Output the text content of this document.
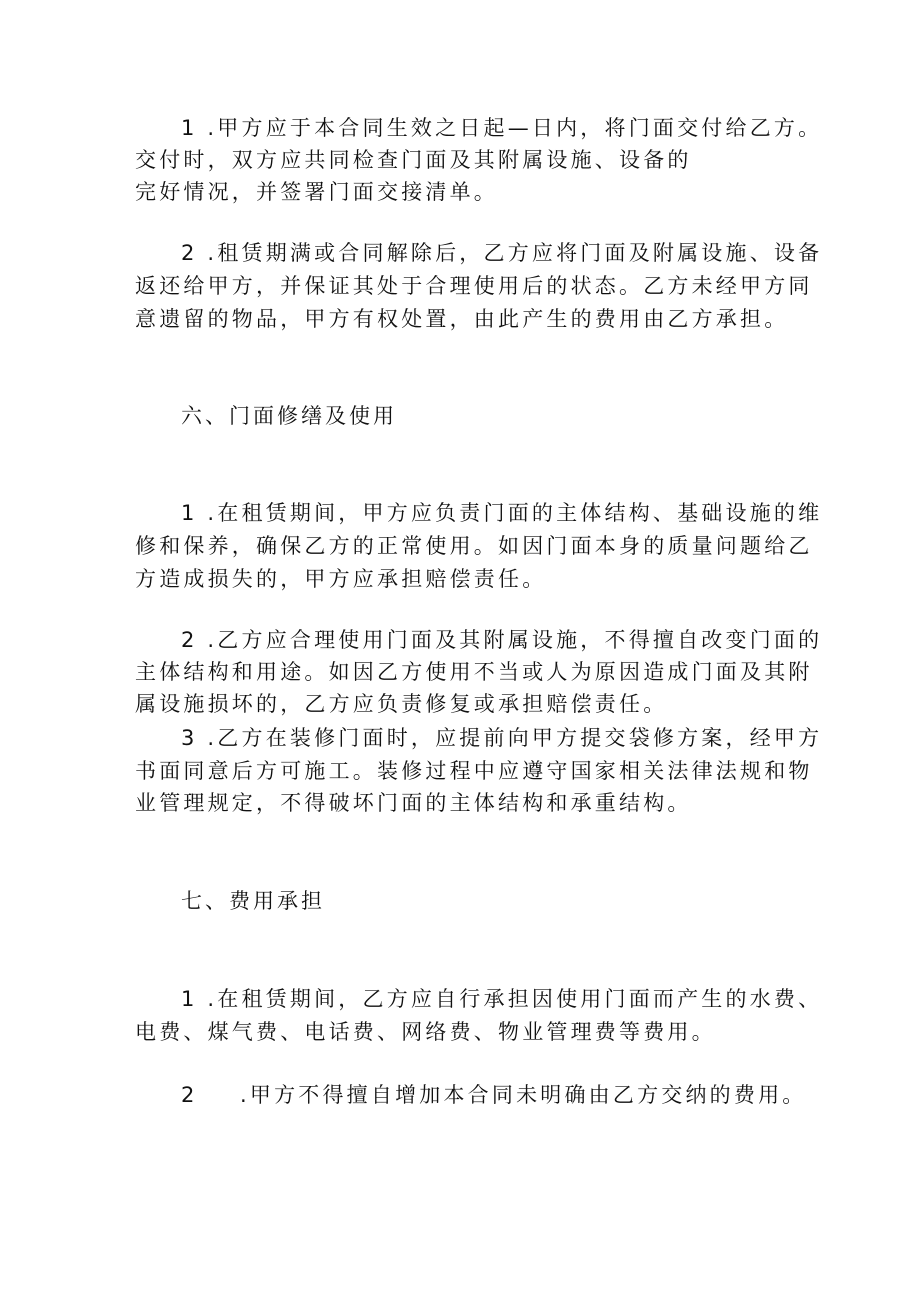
1 .甲方应于本合同生效之日起—日内，将门面交付给乙方。
交付时，双方应共同检查门面及其附属设施、设备的
完好情况，并签署门面交接清单。
2 .租赁期满或合同解除后，乙方应将门面及附属设施、设备
返还给甲方，并保证其处于合理使用后的状态。乙方未经甲方同
意遗留的物品，甲方有权处置，由此产生的费用由乙方承担。
六、门面修缮及使用
1 .在租赁期间，甲方应负责门面的主体结构、基础设施的维
修和保养，确保乙方的正常使用。如因门面本身的质量问题给乙
方造成损失的，甲方应承担赔偿责任。
2 .乙方应合理使用门面及其附属设施，不得擅自改变门面的
主体结构和用途。如因乙方使用不当或人为原因造成门面及其附
属设施损坏的，乙方应负责修复或承担赔偿责任。
3 .乙方在装修门面时，应提前向甲方提交袋修方案，经甲方
书面同意后方可施工。装修过程中应遵守国家相关法律法规和物
业管理规定，不得破坏门面的主体结构和承重结构。
七、费用承担
1 .在租赁期间，乙方应自行承担因使用门面而产生的水费、
电费、煤气费、电话费、网络费、物业管理费等费用。
2 .甲方不得擅自增加本合同未明确由乙方交纳的费用。
